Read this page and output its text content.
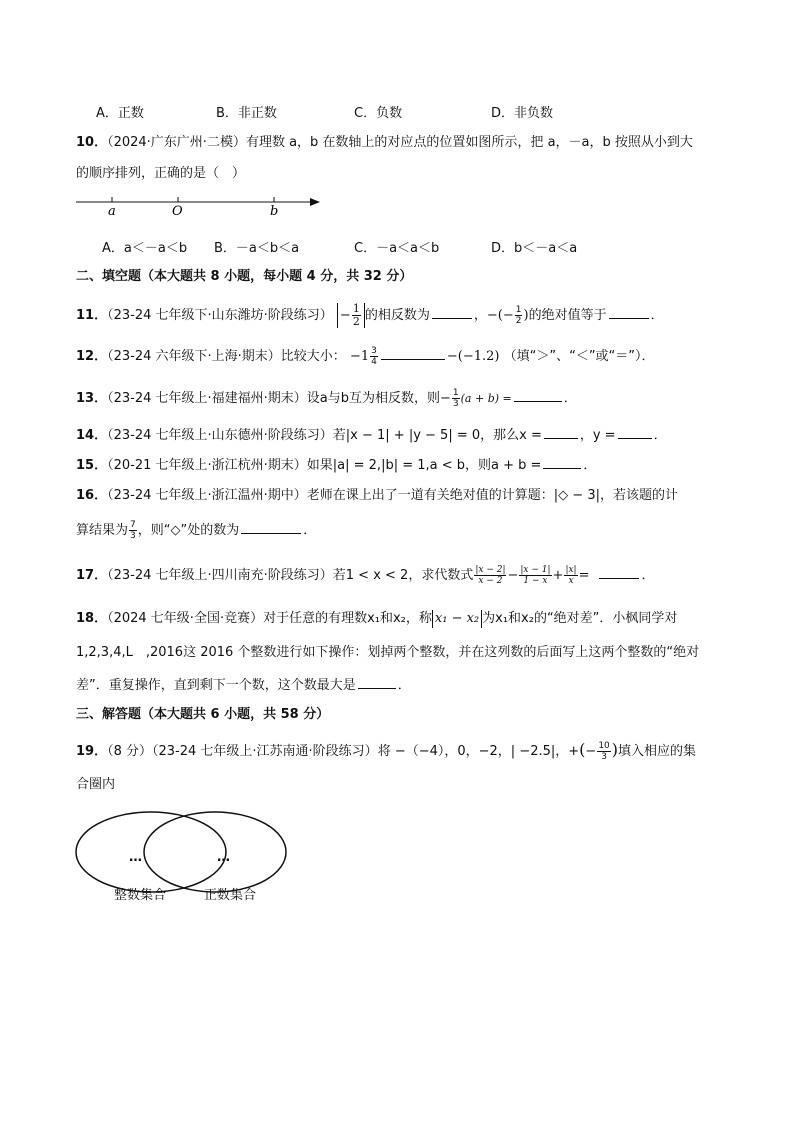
A．正数	B．非正数	C．负数	D．非负数
10．（2024·广东广州·二模）有理数 a，b 在数轴上的对应点的位置如图所示，把 a，－a，b 按照从小到大
的顺序排列，正确的是（　）
a	O	b
A．a＜－a＜b B．－a＜b＜a	C．－a＜a＜b	D．b＜－a＜a
二、填空题（本大题共 8 小题，每小题 4 分，共 32 分）
11．（23-24 七年级下·山东潍坊·阶段练习） − $\frac{1}{2}$ 的相反数为	，−(− $\frac{1}{2}$ )的绝对值等于	．
12．（23-24 六年级下·上海·期末）比较大小： $-1 \frac{3}{4}$	−(−1.2) （填“＞”、“＜”或“＝”）．
13．（23-24 七年级上·福建福州·期末）设a与b互为相反数，则− $\frac{1}{3} (a + b)$ =	．
14．（23-24 七年级上·山东德州·阶段练习）若|x − 1| + |y − 5| = 0，那么x =	，y =	．
15．（20-21 七年级上·浙江杭州·期末）如果|a| = 2,|b| = 1,a < b，则a + b =	．
16．（23-24 七年级上·浙江温州·期中）老师在课上出了一道有关绝对值的计算题：|◇ − 3|，若该题的计
算结果为 $\frac{7}{3}$ ，则“◇”处的数为	．
17．（23-24 七年级上·四川南充·阶段练习）若1 < x < 2，求代数式 $\frac{|x - 2|}{x - 2} - \frac{|x - 1|}{1 - x} + \frac{|x|}{x}$ =	．
18．（2024 七年级·全国·竞赛）对于任意的有理数x₁和x₂，称 x₁ − x₂ 为x₁和x₂的“绝对差”．小枫同学对
1,2,3,4,L　,2016这 2016 个整数进行如下操作：划掉两个整数，并在这列数的后面写上这两个整数的“绝对
差”．重复操作，直到剩下一个数，这个数最大是	．
三、解答题（本大题共 6 小题，共 58 分）
19．（8 分）（23-24 七年级上·江苏南通·阶段练习）将 −（−4），0，−2，| −2.5|，+(− $\frac{10}{3}$ )填入相应的集
合圈内
…	…
整数集合	正数集合
